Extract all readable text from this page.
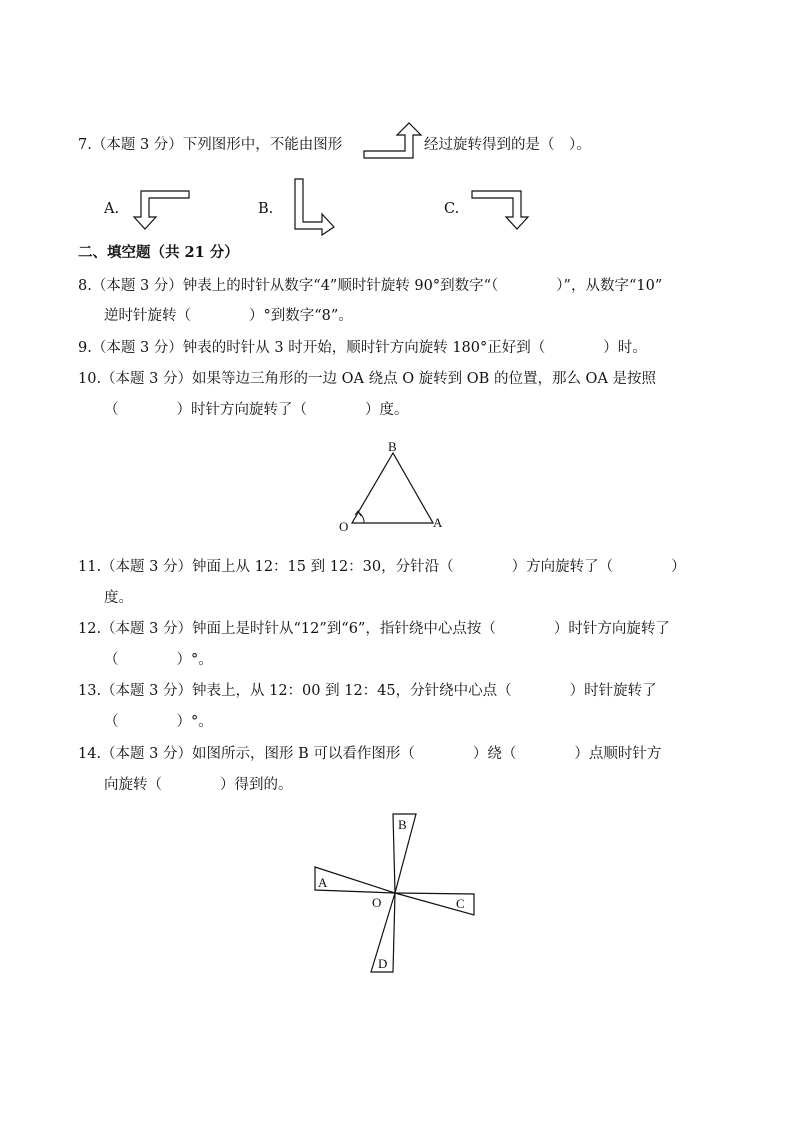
7.（本题 3 分）下列图形中，不能由图形	经过旋转得到的是（　）。
A.	B.	C.
二、填空题（共 21 分）
8.（本题 3 分）钟表上的时针从数字“4”顺时针旋转 90°到数字“（　　　　）”，从数字“10”
逆时针旋转（　　　　）°到数字“8”。
9.（本题 3 分）钟表的时针从 3 时开始，顺时针方向旋转 180°正好到（　　　　）时。
10.（本题 3 分）如果等边三角形的一边 OA 绕点 O 旋转到 OB 的位置，那么 OA 是按照
（　　　　）时针方向旋转了（　　　　）度。
B
O	A
11.（本题 3 分）钟面上从 12：15 到 12：30，分针沿（　　　　）方向旋转了（　　　　）
度。
12.（本题 3 分）钟面上是时针从“12”到“6”，指针绕中心点按（　　　　）时针方向旋转了
（　　　　）°。
13.（本题 3 分）钟表上，从 12：00 到 12：45，分针绕中心点（　　　　）时针旋转了
（　　　　）°。
14.（本题 3 分）如图所示，图形 B 可以看作图形（　　　　）绕（　　　　）点顺时针方
向旋转（　　　　）得到的。
A
B
C
D
O
